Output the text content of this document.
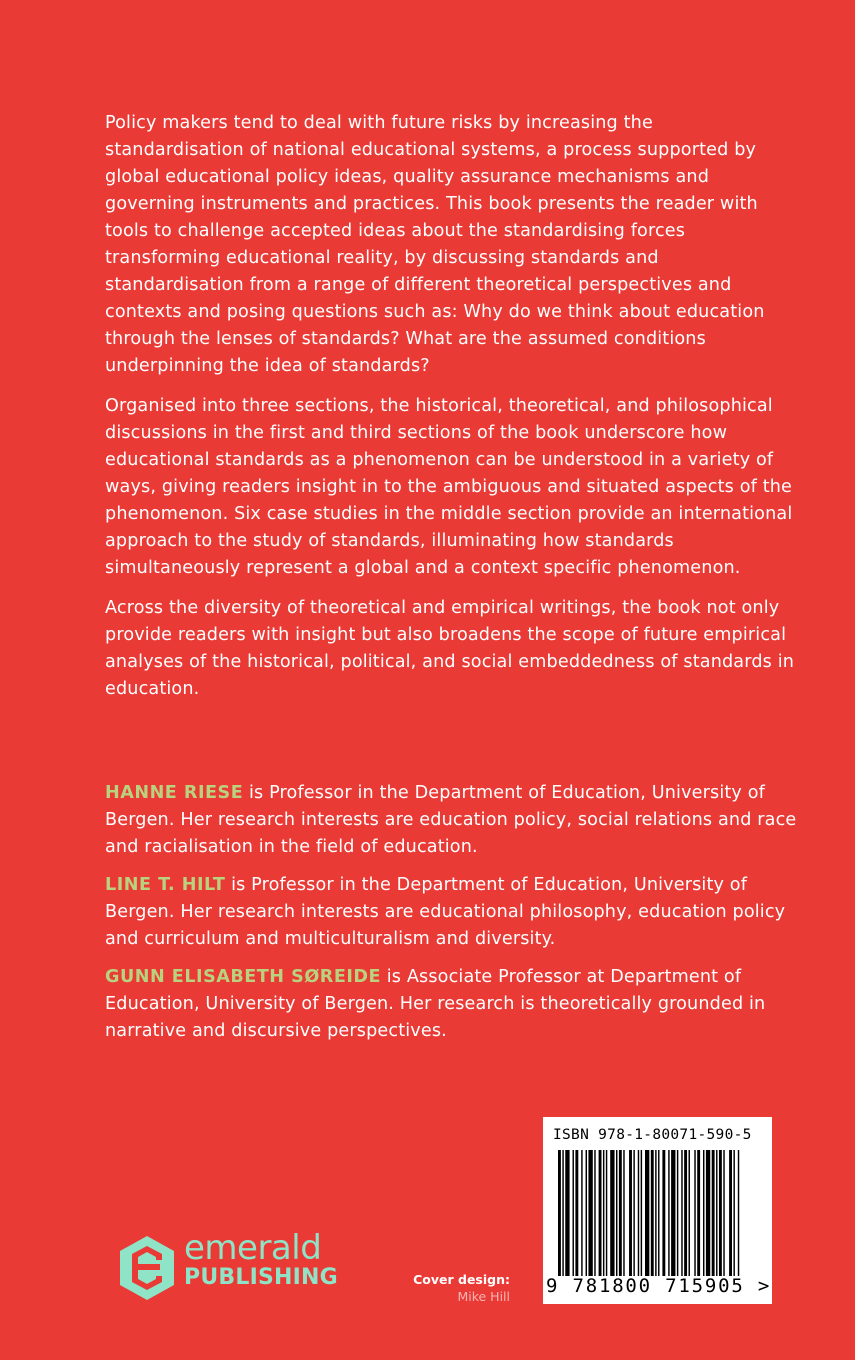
Policy makers tend to deal with future risks by increasing the standardisation of national educational systems, a process supported by global educational policy ideas, quality assurance mechanisms and governing instruments and practices. This book presents the reader with tools to challenge accepted ideas about the standardising forces transforming educational reality, by discussing standards and standardisation from a range of different theoretical perspectives and contexts and posing questions such as: Why do we think about education through the lenses of standards? What are the assumed conditions underpinning the idea of standards?

Organised into three sections, the historical, theoretical, and philosophical discussions in the first and third sections of the book underscore how educational standards as a phenomenon can be understood in a variety of ways, giving readers insight in to the ambiguous and situated aspects of the phenomenon. Six case studies in the middle section provide an international approach to the study of standards, illuminating how standards simultaneously represent a global and a context specific phenomenon.

Across the diversity of theoretical and empirical writings, the book not only provide readers with insight but also broadens the scope of future empirical analyses of the historical, political, and social embeddedness of standards in education.

HANNE RIESE is Professor in the Department of Education, University of Bergen. Her research interests are education policy, social relations and race and racialisation in the field of education.

LINE T. HILT is Professor in the Department of Education, University of Bergen. Her research interests are educational philosophy, education policy and curriculum and multiculturalism and diversity.

GUNN ELISABETH SØREIDE is Associate Professor at Department of Education, University of Bergen. Her research is theoretically grounded in narrative and discursive perspectives.

emerald
PUBLISHING	Cover design:
Mike Hill
ISBN 978-1-80071-590-5
9 781800 715905 >
